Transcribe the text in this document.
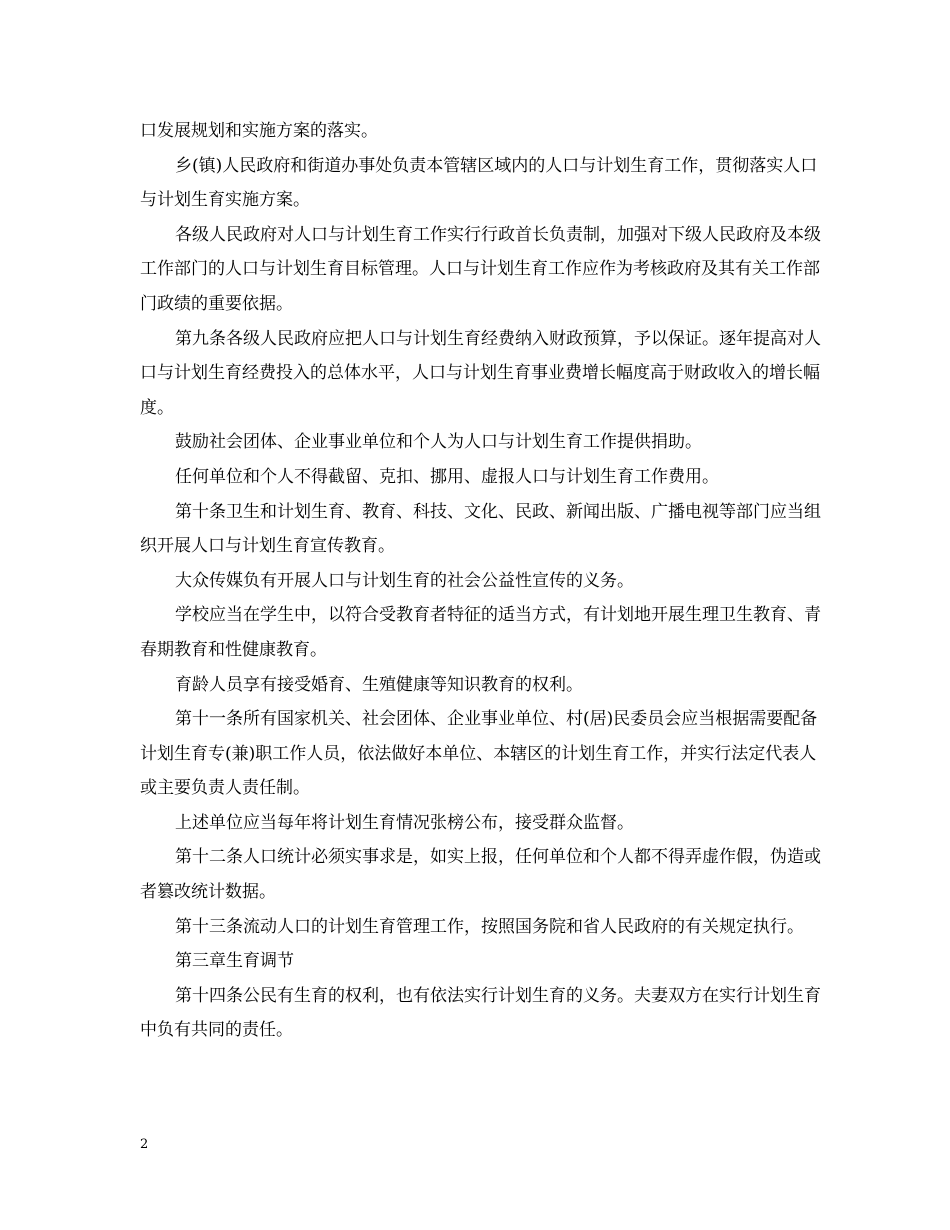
口发展规划和实施方案的落实。

乡(镇)人民政府和街道办事处负责本管辖区域内的人口与计划生育工作，贯彻落实人口与计划生育实施方案。

各级人民政府对人口与计划生育工作实行行政首长负责制，加强对下级人民政府及本级工作部门的人口与计划生育目标管理。人口与计划生育工作应作为考核政府及其有关工作部门政绩的重要依据。

第九条各级人民政府应把人口与计划生育经费纳入财政预算，予以保证。逐年提高对人口与计划生育经费投入的总体水平，人口与计划生育事业费增长幅度高于财政收入的增长幅度。

鼓励社会团体、企业事业单位和个人为人口与计划生育工作提供捐助。

任何单位和个人不得截留、克扣、挪用、虚报人口与计划生育工作费用。

第十条卫生和计划生育、教育、科技、文化、民政、新闻出版、广播电视等部门应当组织开展人口与计划生育宣传教育。

大众传媒负有开展人口与计划生育的社会公益性宣传的义务。

学校应当在学生中，以符合受教育者特征的适当方式，有计划地开展生理卫生教育、青春期教育和性健康教育。

育龄人员享有接受婚育、生殖健康等知识教育的权利。

第十一条所有国家机关、社会团体、企业事业单位、村(居)民委员会应当根据需要配备计划生育专(兼)职工作人员，依法做好本单位、本辖区的计划生育工作，并实行法定代表人或主要负责人责任制。

上述单位应当每年将计划生育情况张榜公布，接受群众监督。

第十二条人口统计必须实事求是，如实上报，任何单位和个人都不得弄虚作假，伪造或者篡改统计数据。

第十三条流动人口的计划生育管理工作，按照国务院和省人民政府的有关规定执行。

第三章生育调节

第十四条公民有生育的权利，也有依法实行计划生育的义务。夫妻双方在实行计划生育中负有共同的责任。

2
